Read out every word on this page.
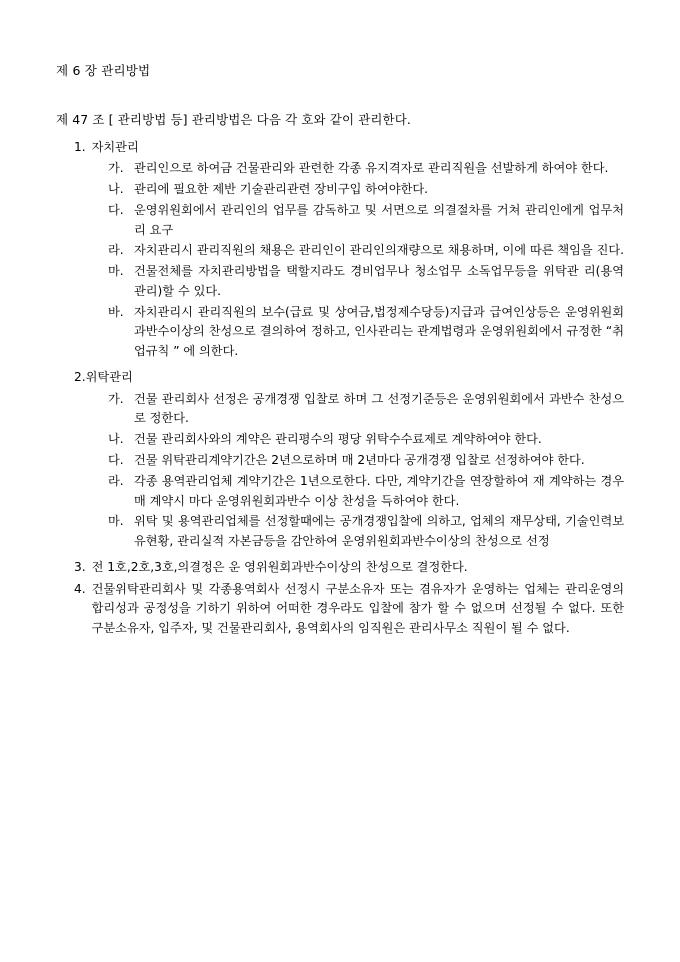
제 6 장 관리방법

제 47 조 [ 관리방법 등] 관리방법은 다음 각 호와 같이 관리한다.

1. 자치관리
가. 관리인으로 하여금 건물관리와 관련한 각종 유지격자로 관리직원을 선발하게 하여야 한다.
나. 관리에 필요한 제반 기술관리관련 장비구입 하여야한다.
다. 운영위원회에서 관리인의 업무를 감독하고 및 서면으로 의결절차를 거쳐 관리인에게 업무처리 요구
라. 자치관리시 관리직원의 채용은 관리인이 관리인의재량으로 채용하며, 이에 따른 책임을 진다.
마. 건물전체를 자치관리방법을 택할지라도 경비업무나 청소업무 소독업무등을 위탁관 리(용역관리)할 수 있다.
바. 자치관리시 관리직원의 보수(급료 및 상여금,법정제수당등)지급과 급여인상등은 운영위원회 과반수이상의 찬성으로 결의하여 정하고, 인사관리는 관계법령과 운영위원회에서 규정한 “취업규칙 ” 에 의한다.
2. 위탁관리
가. 건물 관리회사 선정은 공개경쟁 입찰로 하며 그 선정기준등은 운영위원회에서 과반수 찬성으로 정한다.
나. 건물 관리회사와의 계약은 관리평수의 평당 위탁수수료제로 계약하여야 한다.
다. 건물 위탁관리계약기간은 2년으로하며 매 2년마다 공개경쟁 입찰로 선정하여야 한다.
라. 각종 용역관리업체 계약기간은 1년으로한다. 다만, 계약기간을 연장할하여 재 계약하는 경우 매 계약시 마다 운영위원회과반수 이상 찬성을 득하여야 한다.
마. 위탁 및 용역관리업체를 선정할때에는 공개경쟁입찰에 의하고, 업체의 재무상태, 기술인력보유현황, 관리실적 자본금등을 감안하여 운영위원회과반수이상의 찬성으로 선정
3. 전 1호,2호,3호,의결정은 운 영위원회과반수이상의 찬성으로 결정한다.
4. 건물위탁관리회사 및 각종용역회사 선정시 구분소유자 또는 겸유자가 운영하는 업체는 관리운영의 합리성과 공정성을 기하기 위하여 어떠한 경우라도 입찰에 참가 할 수 없으며 선정될 수 없다. 또한 구분소유자, 입주자, 및 건물관리회사, 용역회사의 임직원은 관리사무소 직원이 될 수 없다.
